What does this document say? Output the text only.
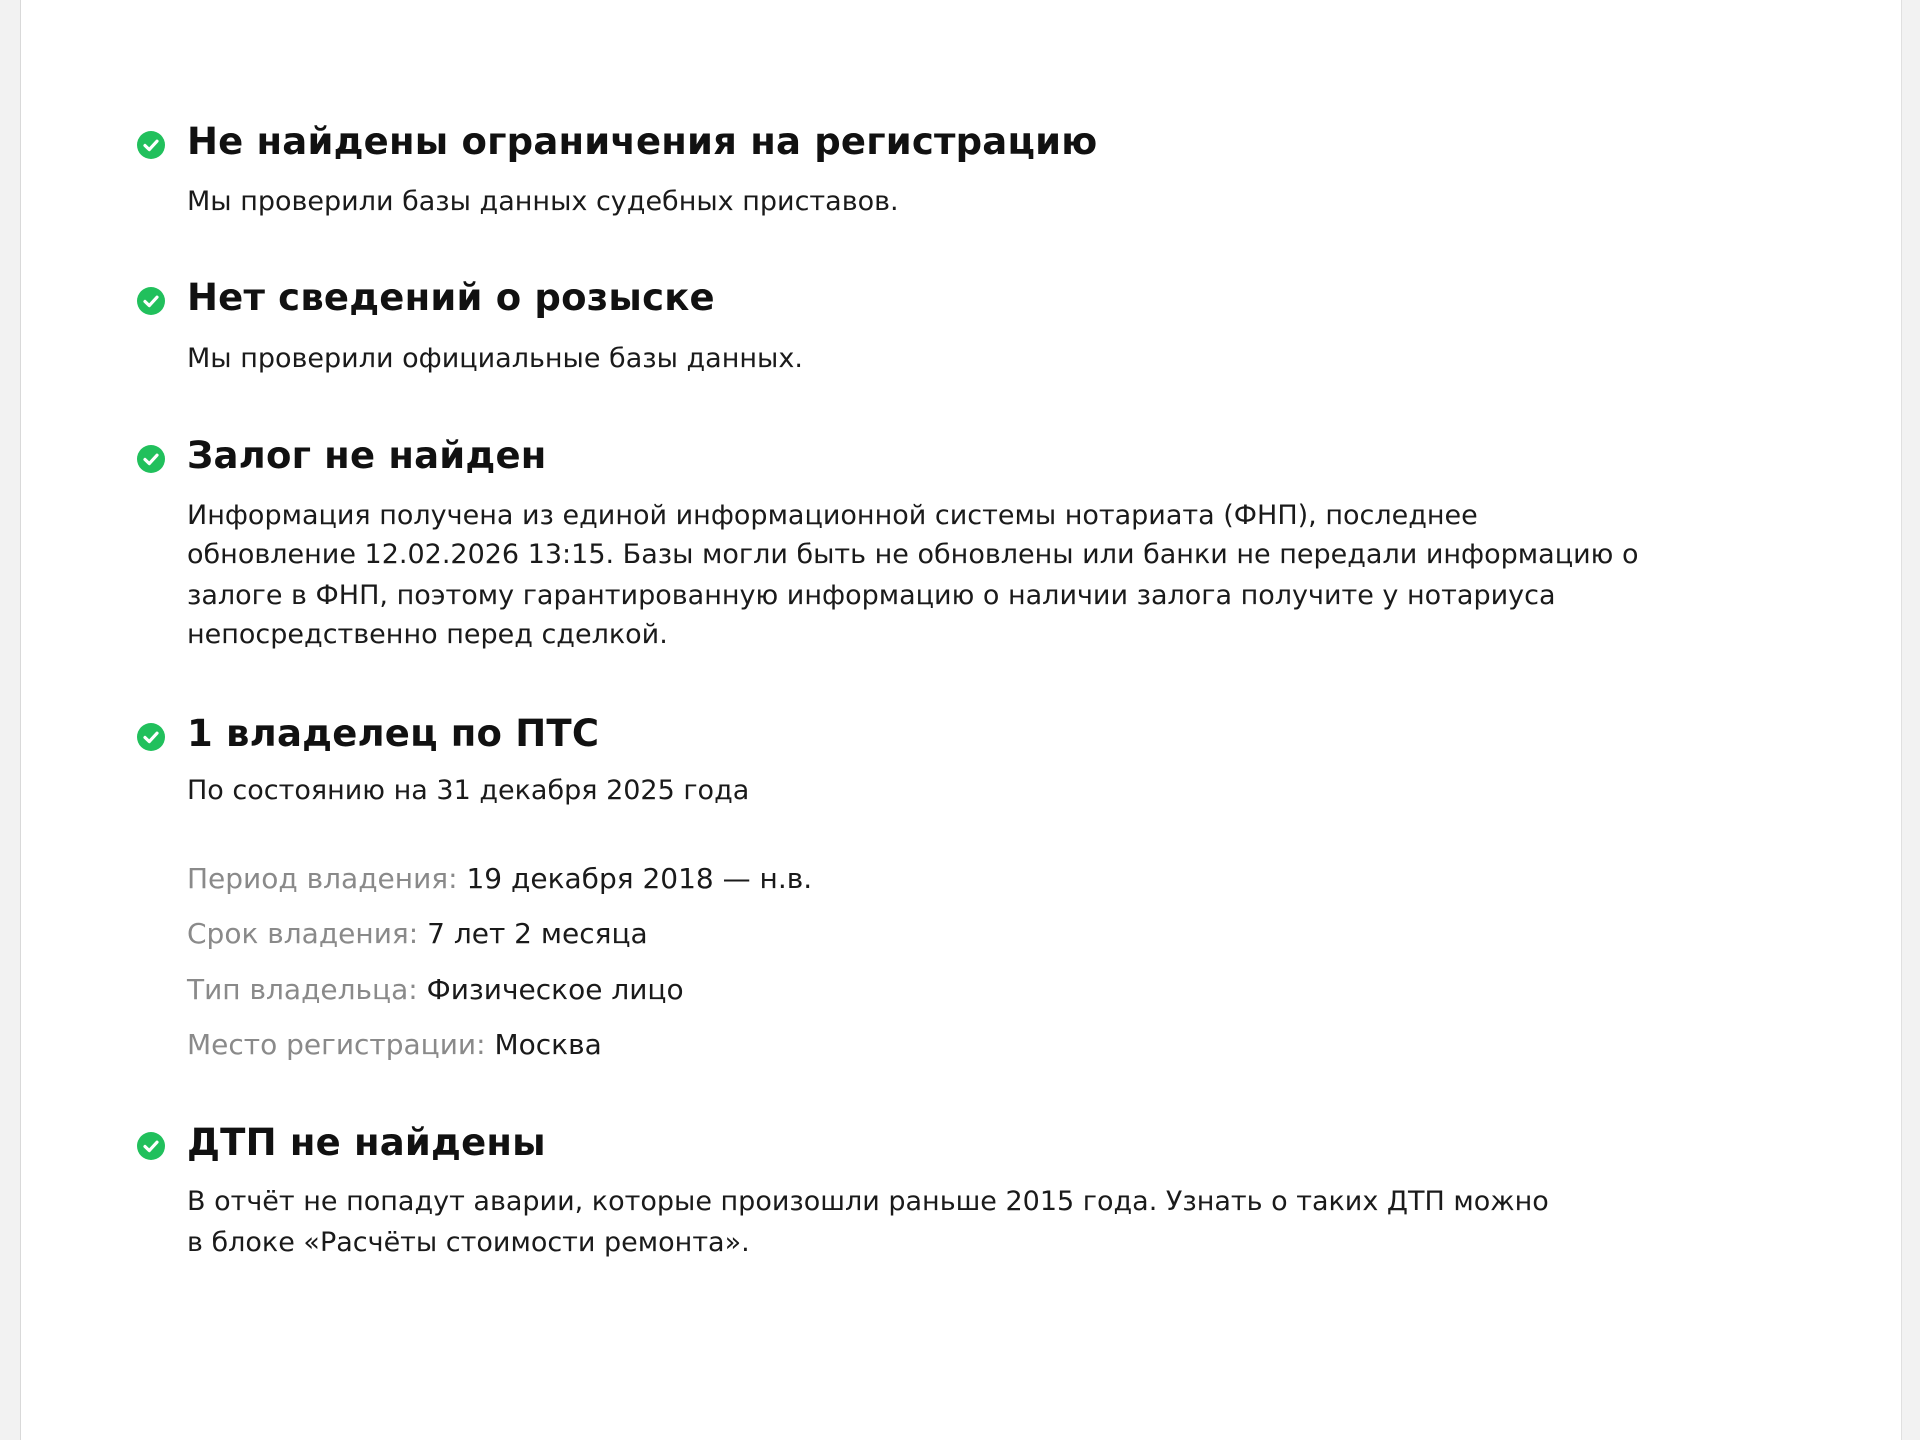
Не найдены ограничения на регистрацию

Мы проверили базы данных судебных приставов.

Нет сведений о розыске

Мы проверили официальные базы данных.

Залог не найден

Информация получена из единой информационной системы нотариата (ФНП), последнее

обновление 12.02.2026 13:15. Базы могли быть не обновлены или банки не передали информацию о

залоге в ФНП, поэтому гарантированную информацию о наличии залога получите у нотариуса

непосредственно перед сделкой.

1 владелец по ПТС

По состоянию на 31 декабря 2025 года

Период владения: 19 декабря 2018 — н.в.

Срок владения: 7 лет 2 месяца

Тип владельца: Физическое лицо

Место регистрации: Москва

ДТП не найдены

В отчёт не попадут аварии, которые произошли раньше 2015 года. Узнать о таких ДТП можно

в блоке «Расчёты стоимости ремонта».
